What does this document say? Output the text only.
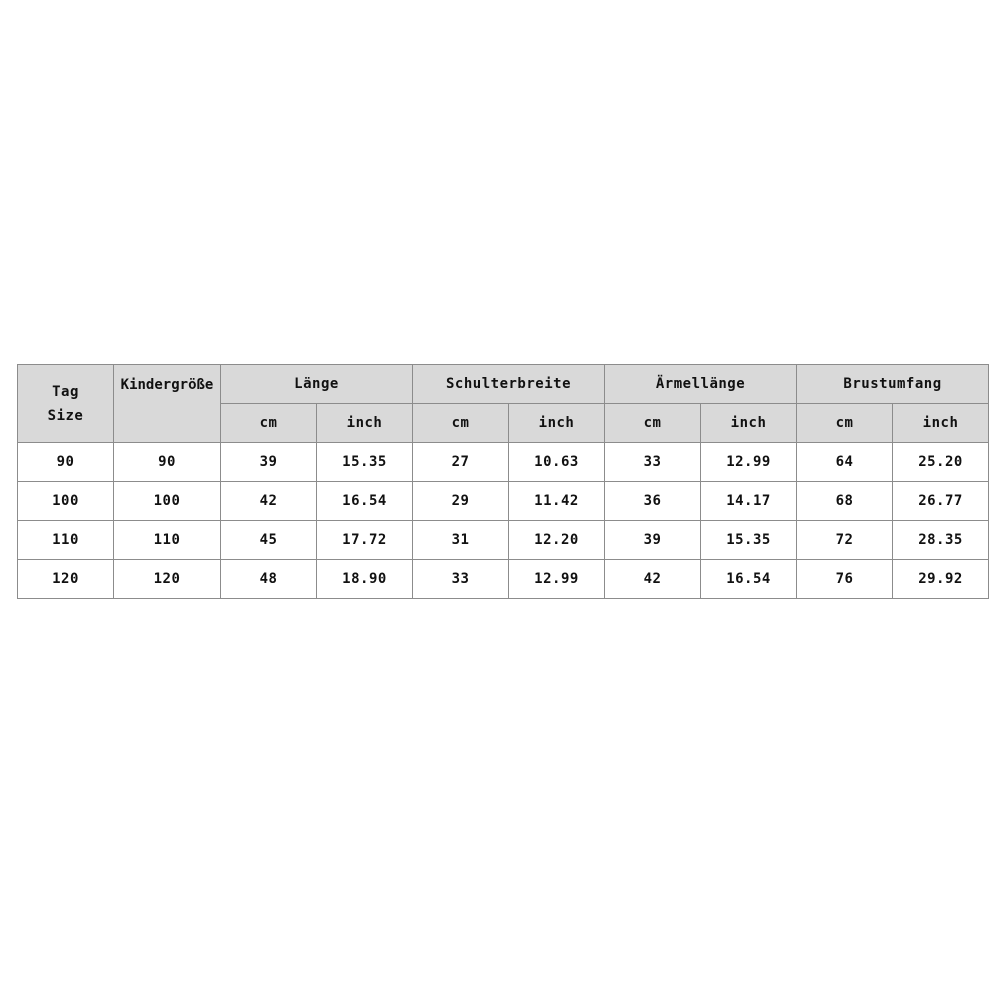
Tag
Size	Kindergröße	Länge		Schulterbreite		Ärmellänge		Brustumfang	
		cm	inch	cm	inch	cm	inch	cm	inch
90	90	39	15.35	27	10.63	33	12.99	64	25.20
100	100	42	16.54	29	11.42	36	14.17	68	26.77
110	110	45	17.72	31	12.20	39	15.35	72	28.35
120	120	48	18.90	33	12.99	42	16.54	76	29.92
